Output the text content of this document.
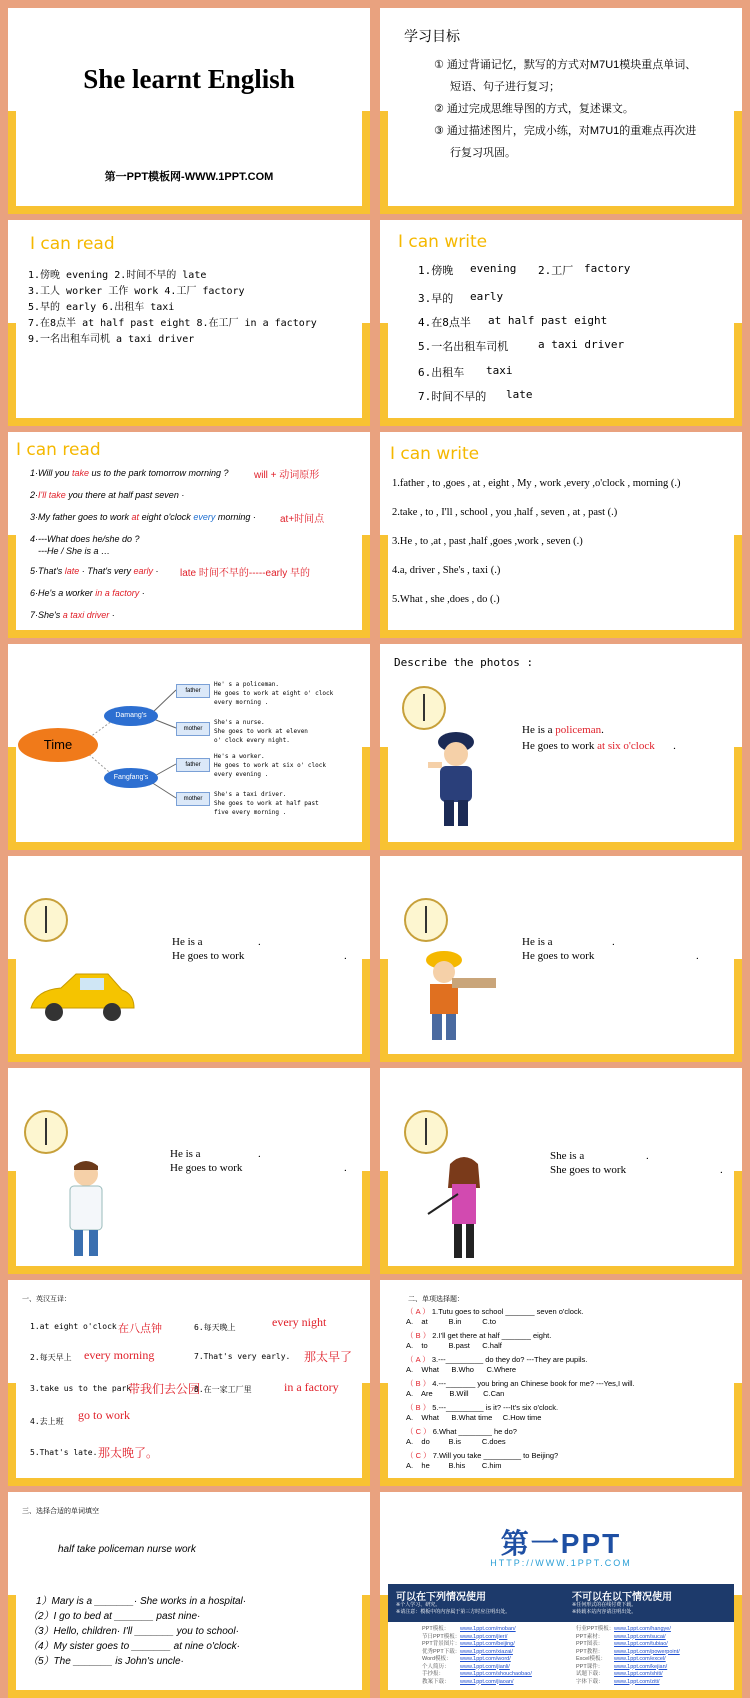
She learnt English
第一PPT模板网-WWW.1PPT.COM
学习目标
① 通过背诵记忆，默写的方式对M7U1模块重点单词、
短语、句子进行复习；
② 通过完成思维导图的方式，复述课文。
③ 通过描述图片，完成小练，对M7U1的重难点再次进
行复习巩固。
I can read
1.傍晚 evening 2.时间不早的 late
3.工人 worker 工作 work 4.工厂 factory
5.早的 early 6.出租车 taxi
7.在8点半 at half past eight 8.在工厂 in a factory
9.一名出租车司机 a taxi driver
I can write
1.傍晚 evening 2.工厂 factory
3.早的 early
4.在8点半 at half past eight
5.一名出租车司机	a taxi driver
6.出租车 taxi
7.时间不早的 late
I can read
1·Will you take us to the park tomorrow morning ?	will + 动词原形
2·I'll take you there at half past seven ·
3·My father goes to work at eight o'clock every morning · at+时间点
4·---What does he/she do ?
---He / She is a …
5·That's late · That's very early · late 时间不早的-----early 早的
6·He's a worker in a factory ·
7·She's a taxi driver ·
I can write
1.father , to ,goes , at , eight , My , work ,every ,o'clock , morning (.)
2.take , to , I'll , school , you ,half , seven , at , past (.)
3.He , to ,at , past ,half ,goes ,work , seven (.)
4.a, driver , She's , taxi (.)
5.What , she ,does , do (.)
Time
Damang's
Fangfang's
father
mother
father
mother
He' s a policeman.
He goes to work at eight o' clock
every morning .
She's a nurse.
She goes to work at eleven
o' clock every night.
He's a worker.
He goes to work at six o' clock
every evening .
She's a taxi driver.
She goes to work at half past
five every morning .
Describe the photos :
He is a policeman.
He goes to work at six o'clock .
He is a	.
He goes to work	.
He is a	.
He goes to work	.
He is a	.
He goes to work	.
She is a	.
She goes to work	.
一、英汉互译：
1.at eight o'clock 在八点钟	6.每天晚上	every night
2.每天早上 every morning	7.That's very early. 那太早了
3.take us to the park
带我们去公园
8.在一家工厂里	in a factory
4.去上班 go to work
5.That's late. 那太晚了。
二、单项选择题：
（ A ） 1.Tutu goes to school _______ seven o'clock.
A.    at          B.in          C.to
（ B ） 2.I'll get there at half _______ eight.
A.    to          B.past      C.half
（ A ） 3.---_________ do they do? ---They are pupils.
A.    What      B.Who      C.Where
（ B ） 4.---_______ you bring an Chinese book for me? ---Yes,I will.
A.    Are        B.Will       C.Can
（ B ） 5.---_________ is it? ---It's six o'clock.
A.    What      B.What time     C.How time
（ C ） 6.What ________ he do?
A.    do         B.is          C.does
（ C ） 7.Will you take _________ to Beijing?
A.    he         B.his        C.him
三、选择合适的单词填空
half take policeman nurse work
1）Mary is a _______· She works in a hospital·
（2）I go to bed at _______ past nine·
（3）Hello, children· I'll _______ you to school·
（4）My sister goes to _______ at nine o'clock·
（5）The _______ is John's uncle·
第一PPT
HTTP://WWW.1PPT.COM
可以在下列情况使用	不可以在以下情况使用
※个人学习、研究。
※请注意：模板中的内容属于第三方时应注明出处。
※任何形式的在线付费下载。
※转载本站内容请注明出处。
PPT模板： www.1ppt.com/moban/
节日PPT模板：www.1ppt.com/jieri/
PPT背景图片：www.1ppt.com/beijing/
优秀PPT下载：www.1ppt.com/xiazai/
Word模板： www.1ppt.com/word/
个人简历： www.1ppt.com/jianli/
手抄报：	www.1ppt.com/shouchaobao/
教案下载： www.1ppt.com/jiaoan/
行业PPT模板：www.1ppt.com/hangye/
PPT素材： www.1ppt.com/sucai/
PPT图表： www.1ppt.com/tubiao/
PPT教程： www.1ppt.com/powerpoint/
Excel模板： www.1ppt.com/excel/
PPT课件： www.1ppt.com/kejian/
试题下载： www.1ppt.com/shiti/
字体下载： www.1ppt.com/ziti/
